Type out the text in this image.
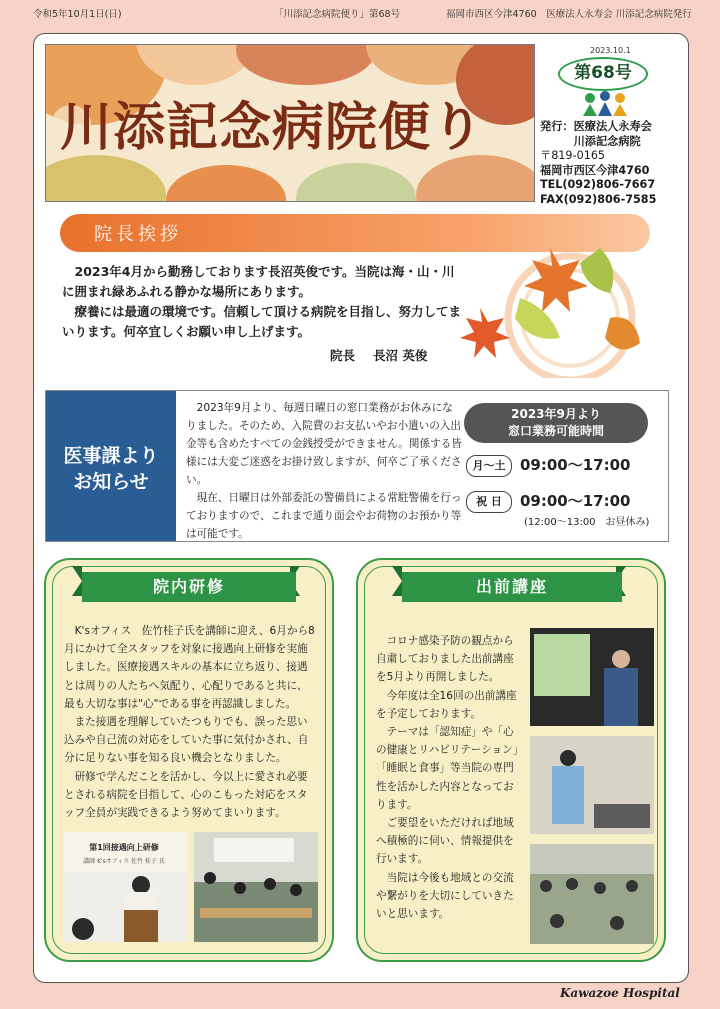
令和5年10月1日(日)	「川添記念病院便り」第68号	福岡市西区今津4760　医療法人永寿会 川添記念病院発行
川添記念病院便り
2023.10.1
第68号
発行：医療法人永寿会
　　　川添記念病院
〒819-0165
福岡市西区今津4760
TEL(092)806-7667
FAX(092)806-7585
院長挨拶

2023年4月から勤務しております長沼英俊です。当院は海・山・川に囲まれ緑あふれる静かな場所にあります。

療養には最適の環境です。信頼して頂ける病院を目指し、努力してまいります。何卒宜しくお願い申し上げます。

院長 長沼 英俊
医事課より
お知らせ

2023年9月より、毎週日曜日の窓口業務がお休みになりました。そのため、入院費のお支払いやお小遣いの入出金等も含めたすべての金銭授受ができません。関係する皆様には大変ご迷惑をお掛け致しますが、何卒ご了承ください。

現在、日曜日は外部委託の警備員による常駐警備を行っておりますので、これまで通り面会やお荷物のお預かり等は可能です。

2023年9月より
窓口業務可能時間
月〜土 09:00〜17:00
祝 日	09:00〜17:00
(12:00〜13:00　お昼休み)
院内研修

K'sオフィス　佐竹桂子氏を講師に迎え、6月から8月にかけて全スタッフを対象に接遇向上研修を実施しました。医療接遇スキルの基本に立ち返り、接遇とは周りの人たちへ気配り、心配りであると共に、最も大切な事は"心"である事を再認識しました。

また接遇を理解していたつもりでも、誤った思い込みや自己流の対応をしていた事に気付かされ、自分に足りない事を知る良い機会となりました。

研修で学んだことを活かし、今以上に愛され必要とされる病院を目指して、心のこもった対応をスタッフ全員が実践できるよう努めてまいります。

第1回接遇向上研修
講師 K'sオフィス 佐竹 桂子 氏
出前講座

コロナ感染予防の観点から自粛しておりました出前講座を5月より再開しました。

今年度は全16回の出前講座を予定しております。

テーマは「認知症」や「心の健康とリハビリテーション」「睡眠と食事」等当院の専門性を活かした内容となっております。

ご要望をいただければ地域へ積極的に伺い、情報提供を行います。

当院は今後も地域との交流や繋がりを大切にしていきたいと思います。

Kawazoe Hospital
